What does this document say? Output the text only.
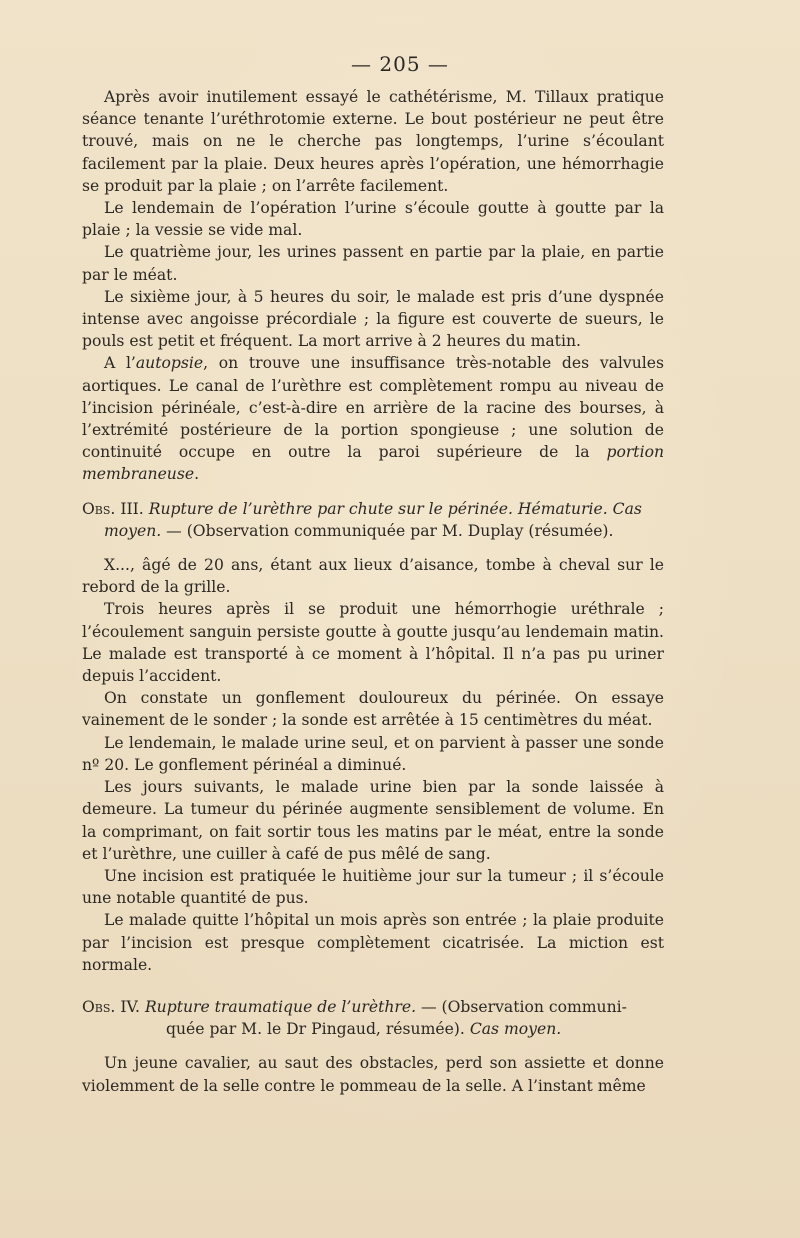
— 205 —

Après avoir inutilement essayé le cathétérisme, M. Tillaux pratique séance tenante l’uréthrotomie externe. Le bout postérieur ne peut être trouvé, mais on ne le cherche pas longtemps, l’urine s’écoulant facilement par la plaie. Deux heures après l’opération, une hémorrhagie se produit par la plaie ; on l’arrête facilement.

Le lendemain de l’opération l’urine s’écoule goutte à goutte par la plaie ; la vessie se vide mal.

Le quatrième jour, les urines passent en partie par la plaie, en partie par le méat.

Le sixième jour, à 5 heures du soir, le malade est pris d’une dyspnée intense avec angoisse précordiale ; la figure est couverte de sueurs, le pouls est petit et fréquent. La mort arrive à 2 heures du matin.

A l’autopsie, on trouve une insuffisance très-notable des valvules aortiques. Le canal de l’urèthre est complètement rompu au niveau de l’incision périnéale, c’est-à-dire en arrière de la racine des bourses, à l’extrémité postérieure de la portion spongieuse ; une solution de continuité occupe en outre la paroi supérieure de la portion membraneuse.

Obs. III. Rupture de l’urèthre par chute sur le périnée. Hématurie. Cas

moyen. — (Observation communiquée par M. Duplay (résumée).

X..., âgé de 20 ans, étant aux lieux d’aisance, tombe à cheval sur le rebord de la grille.

Trois heures après il se produit une hémorrhogie uréthrale ; l’écoulement sanguin persiste goutte à goutte jusqu’au lendemain matin. Le malade est transporté à ce moment à l’hôpital. Il n’a pas pu uriner depuis l’accident.

On constate un gonflement douloureux du périnée. On essaye vainement de le sonder ; la sonde est arrêtée à 15 centimètres du méat.

Le lendemain, le malade urine seul, et on parvient à passer une sonde nº 20. Le gonflement périnéal a diminué.

Les jours suivants, le malade urine bien par la sonde laissée à demeure. La tumeur du périnée augmente sensiblement de volume. En la comprimant, on fait sortir tous les matins par le méat, entre la sonde et l’urèthre, une cuiller à café de pus mêlé de sang.

Une incision est pratiquée le huitième jour sur la tumeur ; il s’écoule une notable quantité de pus.

Le malade quitte l’hôpital un mois après son entrée ; la plaie produite par l’incision est presque complètement cicatrisée. La miction est normale.

Obs. IV. Rupture traumatique de l’urèthre. — (Observation communi-

quée par M. le Dr Pingaud, résumée). Cas moyen.

Un jeune cavalier, au saut des obstacles, perd son assiette et donne violemment de la selle contre le pommeau de la selle. A l’instant même
